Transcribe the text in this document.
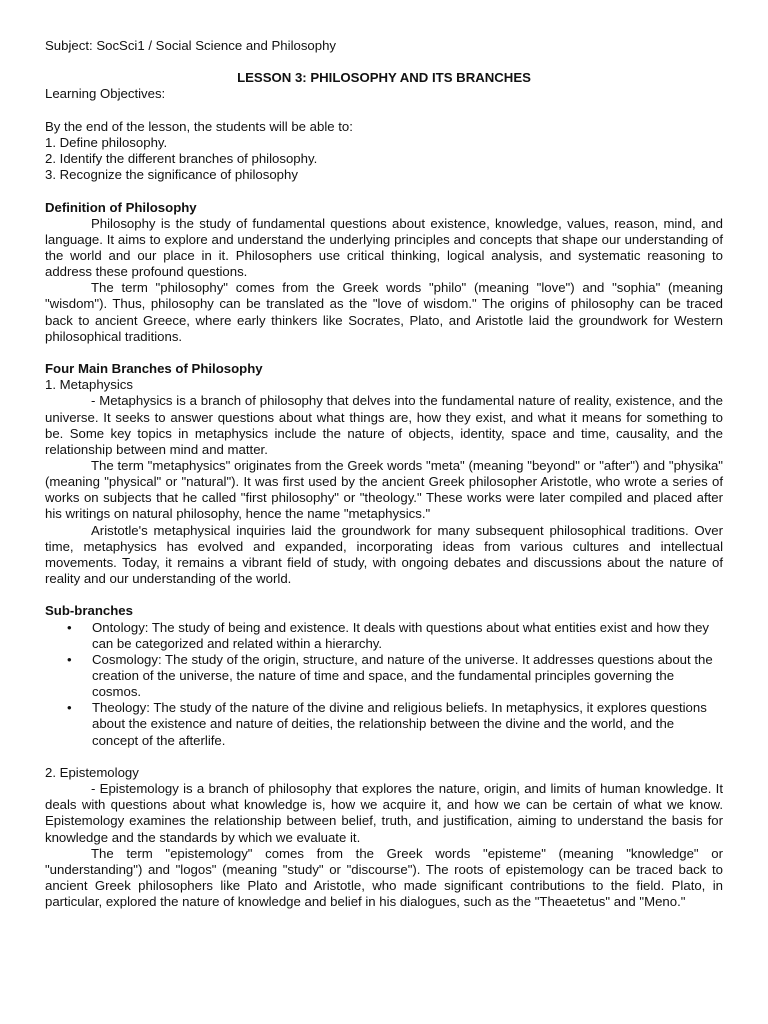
Subject: SocSci1 / Social Science and Philosophy

LESSON 3: PHILOSOPHY AND ITS BRANCHES

Learning Objectives:

By the end of the lesson, the students will be able to:

1. Define philosophy.

2. Identify the different branches of philosophy.

3. Recognize the significance of philosophy

Definition of Philosophy

Philosophy is the study of fundamental questions about existence, knowledge, values, reason, mind, and language. It aims to explore and understand the underlying principles and concepts that shape our understanding of the world and our place in it. Philosophers use critical thinking, logical analysis, and systematic reasoning to address these profound questions.

The term "philosophy" comes from the Greek words "philo" (meaning "love") and "sophia" (meaning "wisdom"). Thus, philosophy can be translated as the "love of wisdom." The origins of philosophy can be traced back to ancient Greece, where early thinkers like Socrates, Plato, and Aristotle laid the groundwork for Western philosophical traditions.

Four Main Branches of Philosophy

1. Metaphysics

- Metaphysics is a branch of philosophy that delves into the fundamental nature of reality, existence, and the universe. It seeks to answer questions about what things are, how they exist, and what it means for something to be. Some key topics in metaphysics include the nature of objects, identity, space and time, causality, and the relationship between mind and matter.

The term "metaphysics" originates from the Greek words "meta" (meaning "beyond" or "after") and "physika" (meaning "physical" or "natural"). It was first used by the ancient Greek philosopher Aristotle, who wrote a series of works on subjects that he called "first philosophy" or "theology." These works were later compiled and placed after his writings on natural philosophy, hence the name "metaphysics."

Aristotle's metaphysical inquiries laid the groundwork for many subsequent philosophical traditions. Over time, metaphysics has evolved and expanded, incorporating ideas from various cultures and intellectual movements. Today, it remains a vibrant field of study, with ongoing debates and discussions about the nature of reality and our understanding of the world.

Sub-branches

• Ontology: The study of being and existence. It deals with questions about what entities exist and how they can be categorized and related within a hierarchy.
• Cosmology: The study of the origin, structure, and nature of the universe. It addresses questions about the creation of the universe, the nature of time and space, and the fundamental principles governing the cosmos.
• Theology: The study of the nature of the divine and religious beliefs. In metaphysics, it explores questions about the existence and nature of deities, the relationship between the divine and the world, and the concept of the afterlife.

2. Epistemology

- Epistemology is a branch of philosophy that explores the nature, origin, and limits of human knowledge. It deals with questions about what knowledge is, how we acquire it, and how we can be certain of what we know. Epistemology examines the relationship between belief, truth, and justification, aiming to understand the basis for knowledge and the standards by which we evaluate it.

The term "epistemology" comes from the Greek words "episteme" (meaning "knowledge" or "understanding") and "logos" (meaning "study" or "discourse"). The roots of epistemology can be traced back to ancient Greek philosophers like Plato and Aristotle, who made significant contributions to the field. Plato, in particular, explored the nature of knowledge and belief in his dialogues, such as the "Theaetetus" and "Meno."
